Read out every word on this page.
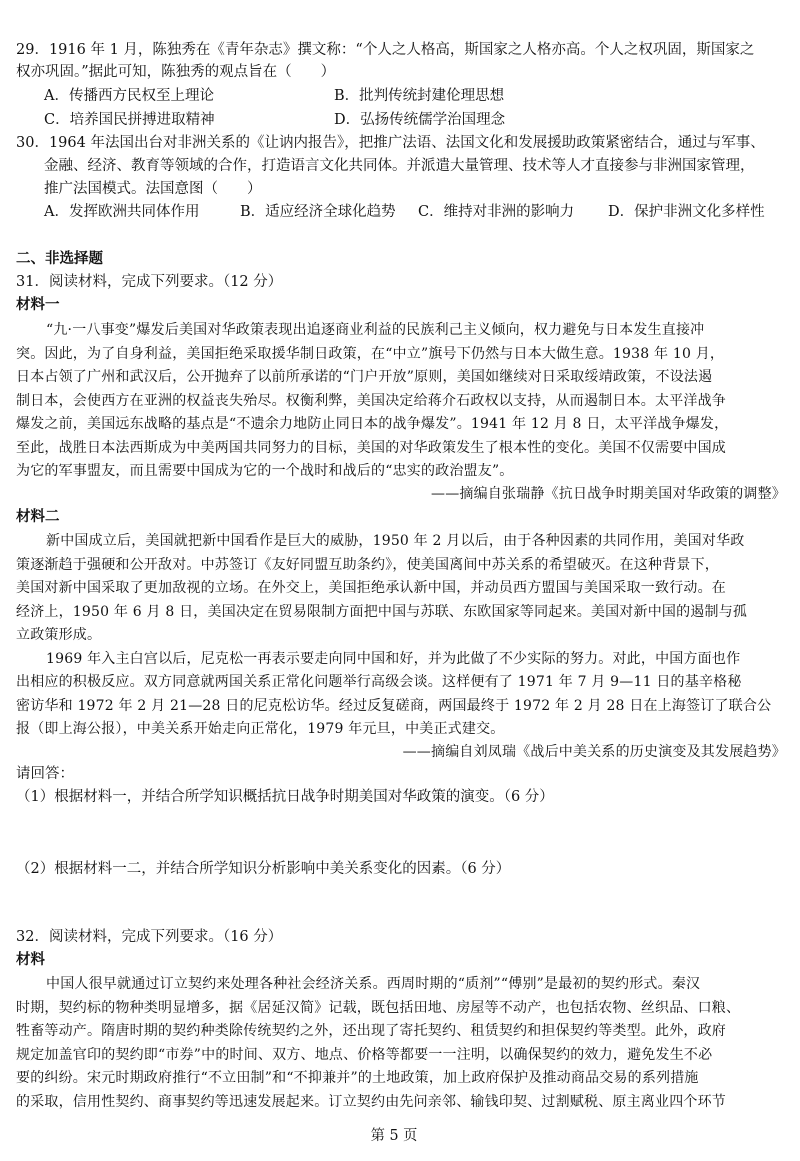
29．1916 年 1 月，陈独秀在《青年杂志》撰文称：“个人之人格高，斯国家之人格亦高。个人之权巩固，斯国家之
权亦巩固。”据此可知，陈独秀的观点旨在（　　）
A．传播西方民权至上理论	B．批判传统封建伦理思想
C．培养国民拼搏进取精神	D．弘扬传统儒学治国理念
30．1964 年法国出台对非洲关系的《让讷内报告》，把推广法语、法国文化和发展援助政策紧密结合，通过与军事、
金融、经济、教育等领域的合作，打造语言文化共同体。并派遣大量管理、技术等人才直接参与非洲国家管理，
推广法国模式。法国意图（　　）
A．发挥欧洲共同体作用	B．适应经济全球化趋势 C．维持对非洲的影响力 D．保护非洲文化多样性
二、非选择题
31．阅读材料，完成下列要求。（12 分）
材料一
“九·一八事变”爆发后美国对华政策表现出追逐商业利益的民族利己主义倾向，权力避免与日本发生直接冲
突。因此，为了自身利益，美国拒绝采取援华制日政策，在“中立”旗号下仍然与日本大做生意。1938 年 10 月，
日本占领了广州和武汉后，公开抛弃了以前所承诺的“门户开放”原则，美国如继续对日采取绥靖政策，不设法遏
制日本，会使西方在亚洲的权益丧失殆尽。权衡利弊，美国决定给蒋介石政权以支持，从而遏制日本。太平洋战争
爆发之前，美国远东战略的基点是“不遗余力地防止同日本的战争爆发”。1941 年 12 月 8 日，太平洋战争爆发，
至此，战胜日本法西斯成为中美两国共同努力的目标，美国的对华政策发生了根本性的变化。美国不仅需要中国成
为它的军事盟友，而且需要中国成为它的一个战时和战后的“忠实的政治盟友”。
——摘编自张瑞静《抗日战争时期美国对华政策的调整》
材料二
新中国成立后，美国就把新中国看作是巨大的威胁，1950 年 2 月以后，由于各种因素的共同作用，美国对华政
策逐渐趋于强硬和公开敌对。中苏签订《友好同盟互助条约》，使美国离间中苏关系的希望破灭。在这种背景下，
美国对新中国采取了更加敌视的立场。在外交上，美国拒绝承认新中国，并动员西方盟国与美国采取一致行动。在
经济上，1950 年 6 月 8 日，美国决定在贸易限制方面把中国与苏联、东欧国家等同起来。美国对新中国的遏制与孤
立政策形成。
1969 年入主白宫以后，尼克松一再表示要走向同中国和好，并为此做了不少实际的努力。对此，中国方面也作
出相应的积极反应。双方同意就两国关系正常化问题举行高级会谈。这样便有了 1971 年 7 月 9—11 日的基辛格秘
密访华和 1972 年 2 月 21—28 日的尼克松访华。经过反复磋商，两国最终于 1972 年 2 月 28 日在上海签订了联合公
报（即上海公报），中美关系开始走向正常化，1979 年元旦，中美正式建交。
——摘编自刘凤瑞《战后中美关系的历史演变及其发展趋势》
请回答：
（1）根据材料一，并结合所学知识概括抗日战争时期美国对华政策的演变。（6 分）
（2）根据材料一二，并结合所学知识分析影响中美关系变化的因素。（6 分）
32．阅读材料，完成下列要求。（16 分）
材料
中国人很早就通过订立契约来处理各种社会经济关系。西周时期的“质剂”“傅别”是最初的契约形式。秦汉
时期，契约标的物种类明显增多，据《居延汉简》记载，既包括田地、房屋等不动产，也包括农物、丝织品、口粮、
牲畜等动产。隋唐时期的契约种类除传统契约之外，还出现了寄托契约、租赁契约和担保契约等类型。此外，政府
规定加盖官印的契约即“市券”中的时间、双方、地点、价格等都要一一注明，以确保契约的效力，避免发生不必
要的纠纷。宋元时期政府推行“不立田制”和“不抑兼并”的土地政策，加上政府保护及推动商品交易的系列措施
的采取，信用性契约、商事契约等迅速发展起来。订立契约由先问亲邻、输钱印契、过割赋税、原主离业四个环节
第 5 页
